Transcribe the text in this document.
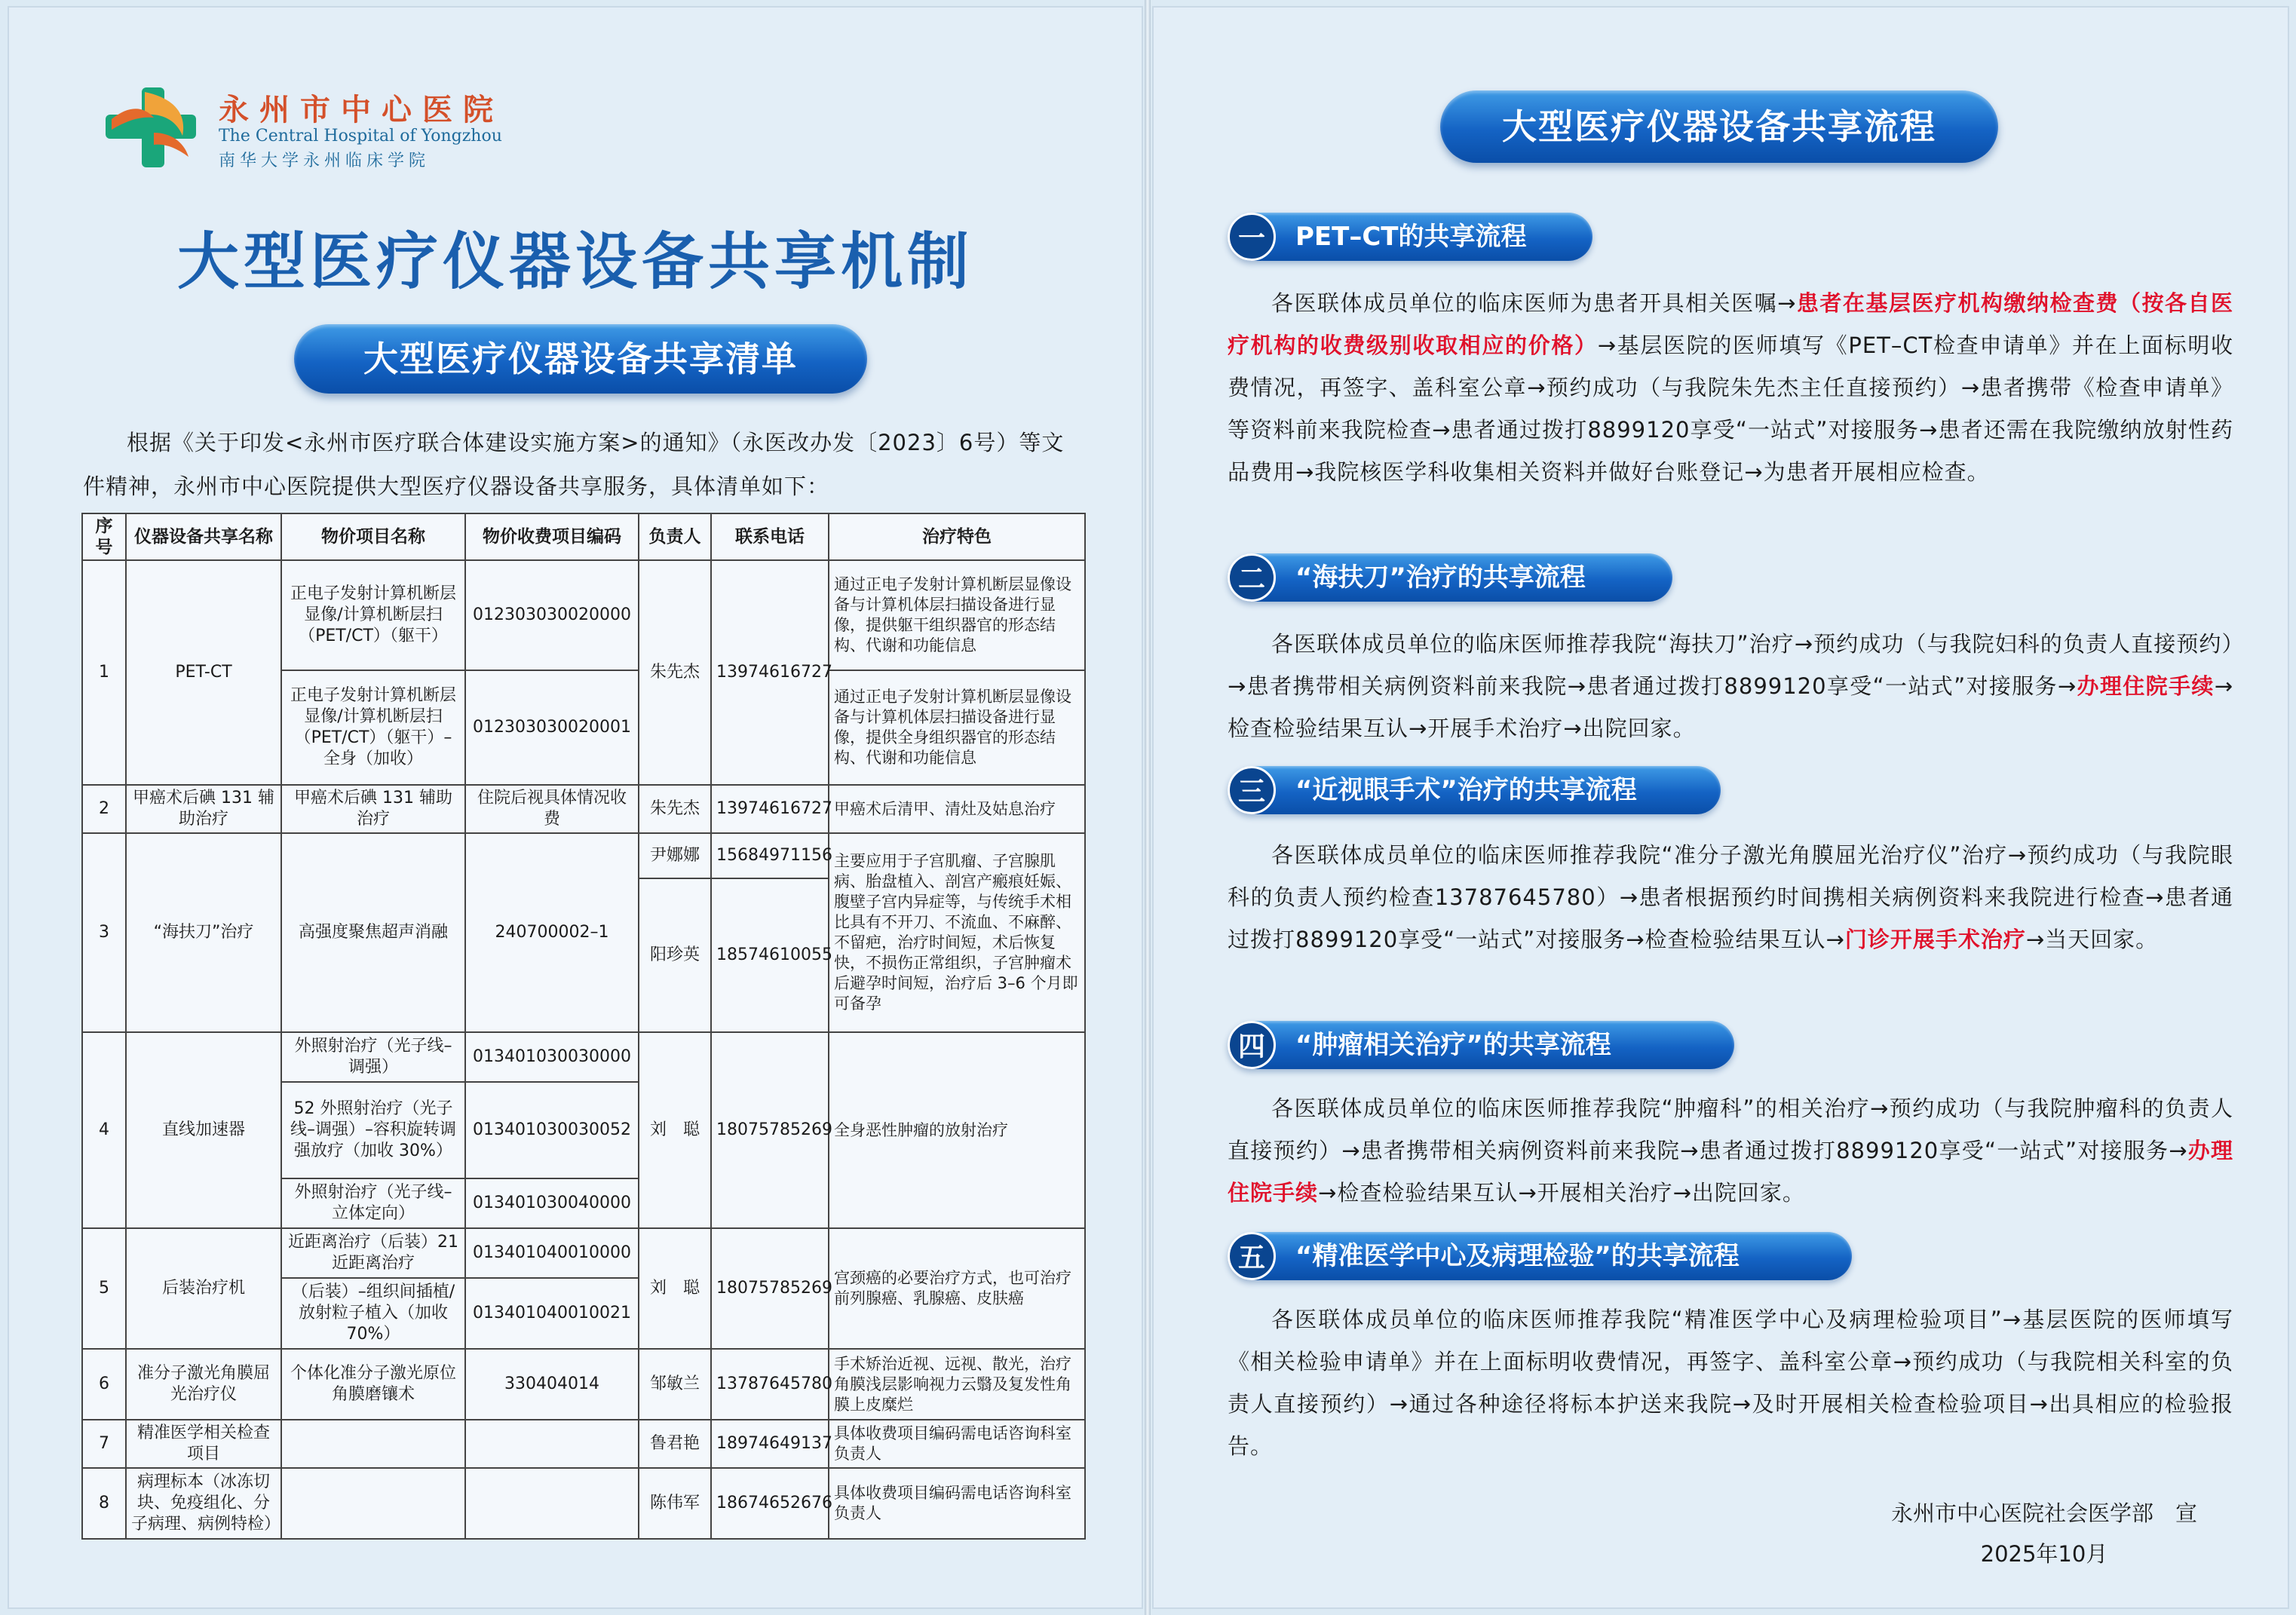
永州市中心医院
The Central Hospital of Yongzhou
南华大学永州临床学院
大型医疗仪器设备共享机制
大型医疗仪器设备共享清单
根据《关于印发<永州市医疗联合体建设实施方案>的通知》（永医改办发〔2023〕6号）等文件精神，永州市中心医院提供大型医疗仪器设备共享服务，具体清单如下：
序号	仪器设备共享名称	物价项目名称	物价收费项目编码	负责人	联系电话	治疗特色
1	PET-CT	正电子发射计算机断层显像/计算机断层扫（PET/CT）（躯干）	012303030020000	朱先杰	13974616727	通过正电子发射计算机断层显像设备与计算机体层扫描设备进行显像，提供躯干组织器官的形态结构、代谢和功能信息
		正电子发射计算机断层显像/计算机断层扫（PET/CT）（躯干）–全身（加收）	012303030020001			通过正电子发射计算机断层显像设备与计算机体层扫描设备进行显像，提供全身组织器官的形态结构、代谢和功能信息
2	甲癌术后碘 131 辅助治疗	甲癌术后碘 131 辅助治疗	住院后视具体情况收费	朱先杰	13974616727	甲癌术后清甲、清灶及姑息治疗
3	“海扶刀”治疗	高强度聚焦超声消融	240700002–1	尹娜娜	15684971156	主要应用于子宫肌瘤、子宫腺肌病、胎盘植入、剖宫产瘢痕妊娠、腹壁子宫内异症等，与传统手术相比具有不开刀、不流血、不麻醉、不留疤，治疗时间短，术后恢复快，不损伤正常组织，子宫肿瘤术后避孕时间短，治疗后 3–6 个月即可备孕
				阳珍英	18574610055	
4	直线加速器	外照射治疗（光子线–调强）	013401030030000	刘　聪	18075785269	全身恶性肿瘤的放射治疗
		52 外照射治疗（光子线–调强）–容积旋转调强放疗（加收 30%）	013401030030052			
		外照射治疗（光子线–立体定向）	013401030040000			
5	后装治疗机	近距离治疗（后装）21 近距离治疗	013401040010000	刘　聪	18075785269	宫颈癌的必要治疗方式，也可治疗前列腺癌、乳腺癌、皮肤癌
		（后装）–组织间插植/放射粒子植入（加收 70%）	013401040010021			
6	准分子激光角膜屈光治疗仪	个体化准分子激光原位角膜磨镶术	330404014	邹敏兰	13787645780	手术矫治近视、远视、散光，治疗角膜浅层影响视力云翳及复发性角膜上皮糜烂
7	精准医学相关检查项目			鲁君艳	18974649137	具体收费项目编码需电话咨询科室负责人
8	病理标本（冰冻切块、免疫组化、分子病理、病例特检）			陈伟军	18674652676	具体收费项目编码需电话咨询科室负责人
大型医疗仪器设备共享流程
一	PET–CT的共享流程
各医联体成员单位的临床医师为患者开具相关医嘱→患者在基层医疗机构缴纳检查费（按各自医疗机构的收费级别收取相应的价格）→基层医院的医师填写《PET–CT检查申请单》并在上面标明收费情况，再签字、盖科室公章→预约成功（与我院朱先杰主任直接预约）→患者携带《检查申请单》等资料前来我院检查→患者通过拨打8899120享受“一站式”对接服务→患者还需在我院缴纳放射性药品费用→我院核医学科收集相关资料并做好台账登记→为患者开展相应检查。
二	“海扶刀”治疗的共享流程
各医联体成员单位的临床医师推荐我院“海扶刀”治疗→预约成功（与我院妇科的负责人直接预约）→患者携带相关病例资料前来我院→患者通过拨打8899120享受“一站式”对接服务→办理住院手续→检查检验结果互认→开展手术治疗→出院回家。
三	“近视眼手术”治疗的共享流程
各医联体成员单位的临床医师推荐我院“准分子激光角膜屈光治疗仪”治疗→预约成功（与我院眼科的负责人预约检查13787645780）→患者根据预约时间携相关病例资料来我院进行检查→患者通过拨打8899120享受“一站式”对接服务→检查检验结果互认→门诊开展手术治疗→当天回家。
四	“肿瘤相关治疗”的共享流程
各医联体成员单位的临床医师推荐我院“肿瘤科”的相关治疗→预约成功（与我院肿瘤科的负责人直接预约）→患者携带相关病例资料前来我院→患者通过拨打8899120享受“一站式”对接服务→办理住院手续→检查检验结果互认→开展相关治疗→出院回家。
五	“精准医学中心及病理检验”的共享流程
各医联体成员单位的临床医师推荐我院“精准医学中心及病理检验项目”→基层医院的医师填写《相关检验申请单》并在上面标明收费情况，再签字、盖科室公章→预约成功（与我院相关科室的负责人直接预约）→通过各种途径将标本护送来我院→及时开展相关检查检验项目→出具相应的检验报告。
永州市中心医院社会医学部　宣
2025年10月
